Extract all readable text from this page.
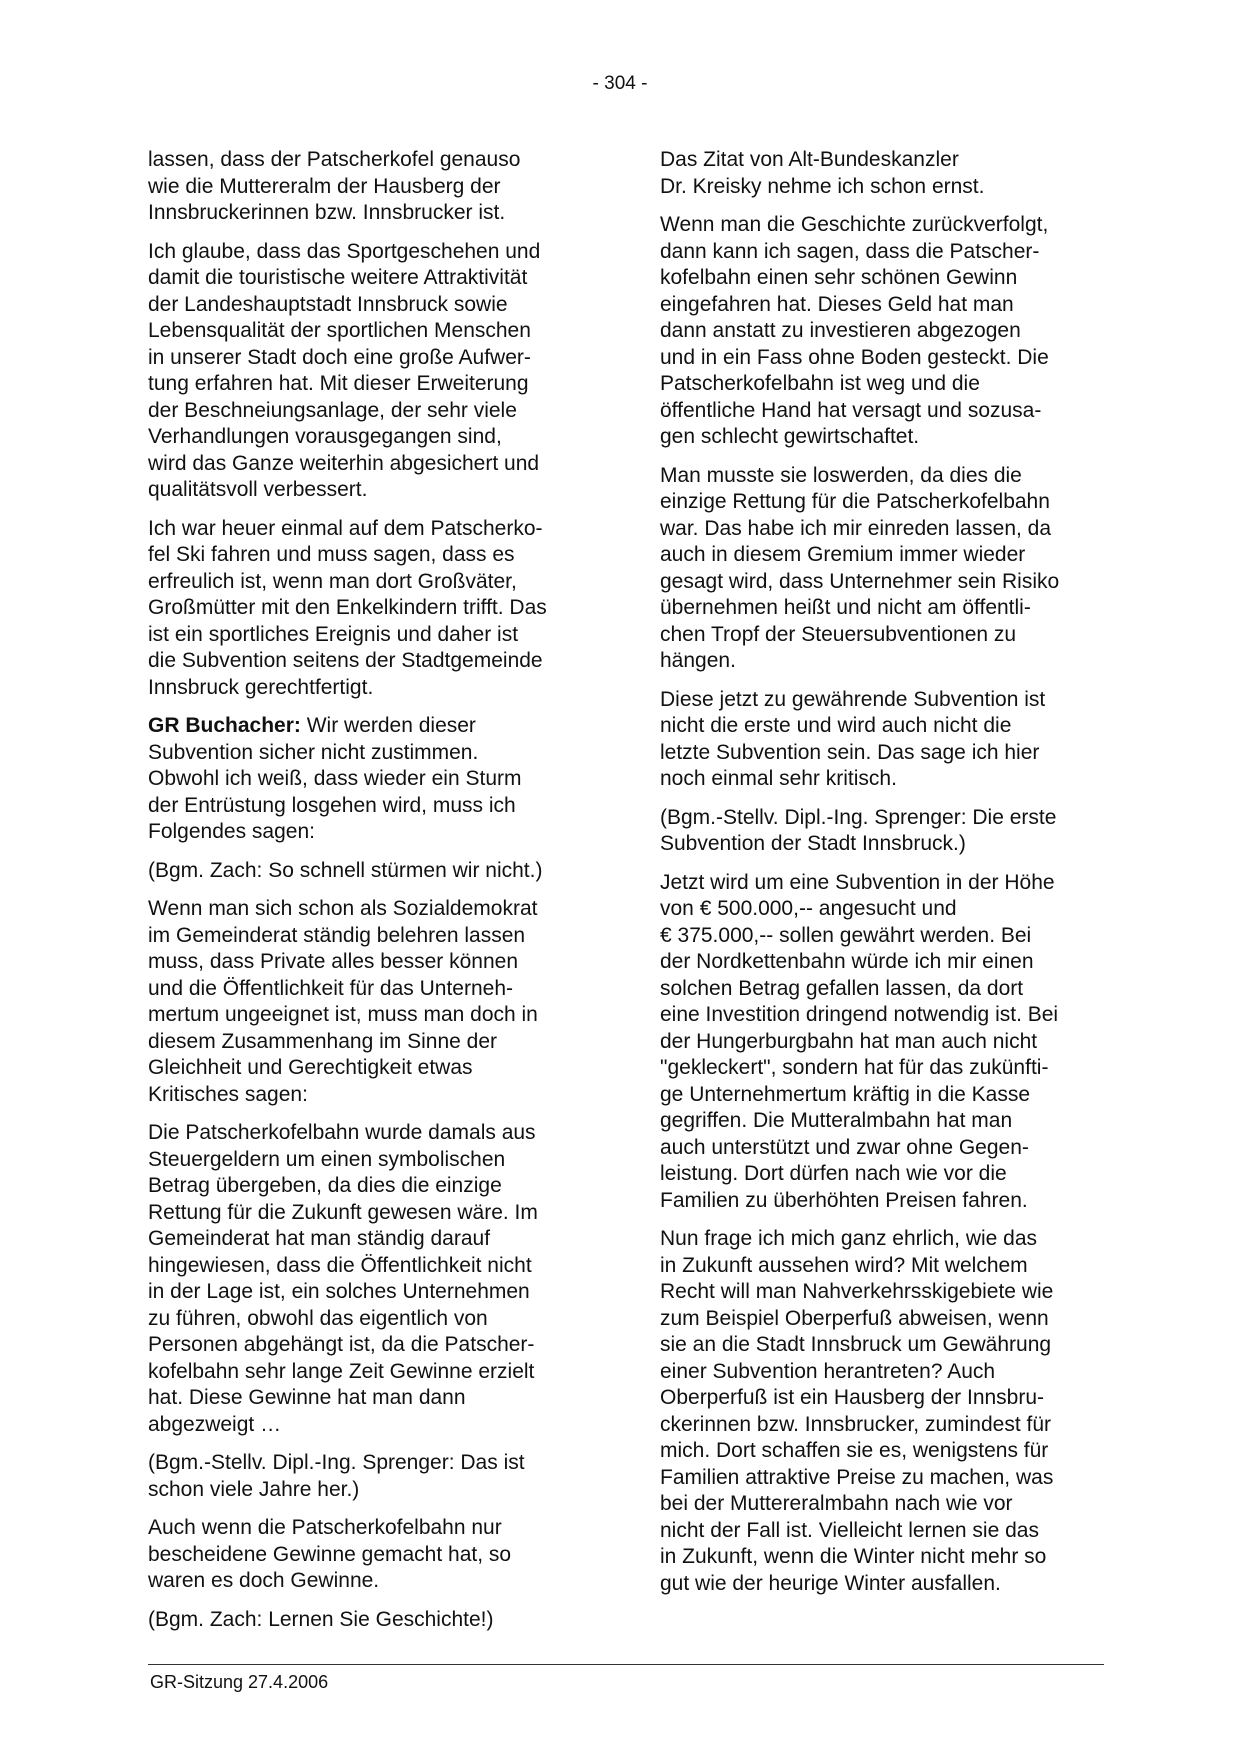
- 304 -

lassen, dass der Patscherkofel genauso
wie die Muttereralm der Hausberg der
Innsbruckerinnen bzw. Innsbrucker ist.

Ich glaube, dass das Sportgeschehen und
damit die touristische weitere Attraktivität
der Landeshauptstadt Innsbruck sowie
Lebensqualität der sportlichen Menschen
in unserer Stadt doch eine große Aufwer-
tung erfahren hat. Mit dieser Erweiterung
der Beschneiungsanlage, der sehr viele
Verhandlungen vorausgegangen sind,
wird das Ganze weiterhin abgesichert und
qualitätsvoll verbessert.

Ich war heuer einmal auf dem Patscherko-
fel Ski fahren und muss sagen, dass es
erfreulich ist, wenn man dort Großväter,
Großmütter mit den Enkelkindern trifft. Das
ist ein sportliches Ereignis und daher ist
die Subvention seitens der Stadtgemeinde
Innsbruck gerechtfertigt.

GR Buchacher: Wir werden dieser
Subvention sicher nicht zustimmen.
Obwohl ich weiß, dass wieder ein Sturm
der Entrüstung losgehen wird, muss ich
Folgendes sagen:

(Bgm. Zach: So schnell stürmen wir nicht.)

Wenn man sich schon als Sozialdemokrat
im Gemeinderat ständig belehren lassen
muss, dass Private alles besser können
und die Öffentlichkeit für das Unterneh-
mertum ungeeignet ist, muss man doch in
diesem Zusammenhang im Sinne der
Gleichheit und Gerechtigkeit etwas
Kritisches sagen:

Die Patscherkofelbahn wurde damals aus
Steuergeldern um einen symbolischen
Betrag übergeben, da dies die einzige
Rettung für die Zukunft gewesen wäre. Im
Gemeinderat hat man ständig darauf
hingewiesen, dass die Öffentlichkeit nicht
in der Lage ist, ein solches Unternehmen
zu führen, obwohl das eigentlich von
Personen abgehängt ist, da die Patscher-
kofelbahn sehr lange Zeit Gewinne erzielt
hat. Diese Gewinne hat man dann
abgezweigt …

(Bgm.-Stellv. Dipl.-Ing. Sprenger: Das ist
schon viele Jahre her.)

Auch wenn die Patscherkofelbahn nur
bescheidene Gewinne gemacht hat, so
waren es doch Gewinne.

(Bgm. Zach: Lernen Sie Geschichte!)

Das Zitat von Alt-Bundeskanzler
Dr. Kreisky nehme ich schon ernst.

Wenn man die Geschichte zurückverfolgt,
dann kann ich sagen, dass die Patscher-
kofelbahn einen sehr schönen Gewinn
eingefahren hat. Dieses Geld hat man
dann anstatt zu investieren abgezogen
und in ein Fass ohne Boden gesteckt. Die
Patscherkofelbahn ist weg und die
öffentliche Hand hat versagt und sozusa-
gen schlecht gewirtschaftet.

Man musste sie loswerden, da dies die
einzige Rettung für die Patscherkofelbahn
war. Das habe ich mir einreden lassen, da
auch in diesem Gremium immer wieder
gesagt wird, dass Unternehmer sein Risiko
übernehmen heißt und nicht am öffentli-
chen Tropf der Steuersubventionen zu
hängen.

Diese jetzt zu gewährende Subvention ist
nicht die erste und wird auch nicht die
letzte Subvention sein. Das sage ich hier
noch einmal sehr kritisch.

(Bgm.-Stellv. Dipl.-Ing. Sprenger: Die erste
Subvention der Stadt Innsbruck.)

Jetzt wird um eine Subvention in der Höhe
von € 500.000,-- angesucht und
€ 375.000,-- sollen gewährt werden. Bei
der Nordkettenbahn würde ich mir einen
solchen Betrag gefallen lassen, da dort
eine Investition dringend notwendig ist. Bei
der Hungerburgbahn hat man auch nicht
"gekleckert", sondern hat für das zukünfti-
ge Unternehmertum kräftig in die Kasse
gegriffen. Die Mutteralmbahn hat man
auch unterstützt und zwar ohne Gegen-
leistung. Dort dürfen nach wie vor die
Familien zu überhöhten Preisen fahren.

Nun frage ich mich ganz ehrlich, wie das
in Zukunft aussehen wird? Mit welchem
Recht will man Nahverkehrsskigebiete wie
zum Beispiel Oberperfuß abweisen, wenn
sie an die Stadt Innsbruck um Gewährung
einer Subvention herantreten? Auch
Oberperfuß ist ein Hausberg der Innsbru-
ckerinnen bzw. Innsbrucker, zumindest für
mich. Dort schaffen sie es, wenigstens für
Familien attraktive Preise zu machen, was
bei der Muttereralmbahn nach wie vor
nicht der Fall ist. Vielleicht lernen sie das
in Zukunft, wenn die Winter nicht mehr so
gut wie der heurige Winter ausfallen.

GR-Sitzung 27.4.2006
